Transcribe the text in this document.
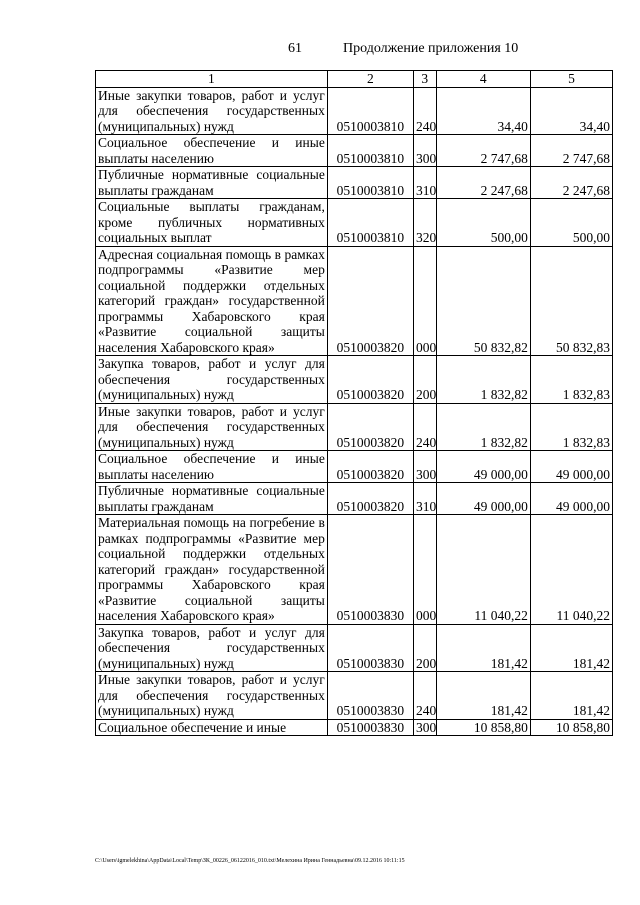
61	Продолжение приложения 10
1	2	3	4	5
Иные закупки товаров, работ и услуг для обеспечения государственных (муниципальных) нужд	0510003810	240	34,40	34,40
Социальное обеспечение и иные выплаты населению	0510003810	300	2 747,68	2 747,68
Публичные нормативные социальные выплаты гражданам	0510003810	310	2 247,68	2 247,68
Социальные выплаты гражданам, кроме публичных нормативных социальных выплат	0510003810	320	500,00	500,00
Адресная социальная помощь в рамках подпрограммы «Развитие мер социальной поддержки отдельных категорий граждан» государственной программы Хабаровского края «Развитие социальной защиты населения Хабаровского края»	0510003820	000	50 832,82	50 832,83
Закупка товаров, работ и услуг для обеспечения государственных (муниципальных) нужд	0510003820	200	1 832,82	1 832,83
Иные закупки товаров, работ и услуг для обеспечения государственных (муниципальных) нужд	0510003820	240	1 832,82	1 832,83
Социальное обеспечение и иные выплаты населению	0510003820	300	49 000,00	49 000,00
Публичные нормативные социальные выплаты гражданам	0510003820	310	49 000,00	49 000,00
Материальная помощь на погребение в рамках подпрограммы «Развитие мер социальной поддержки отдельных категорий граждан» государственной программы Хабаровского края «Развитие социальной защиты населения Хабаровского края»	0510003830	000	11 040,22	11 040,22
Закупка товаров, работ и услуг для обеспечения государственных (муниципальных) нужд	0510003830	200	181,42	181,42
Иные закупки товаров, работ и услуг для обеспечения государственных (муниципальных) нужд	0510003830	240	181,42	181,42
Социальное обеспечение и иные	0510003830	300	10 858,80	10 858,80
C:\Users\igmelekhina\AppData\Local\Temp\ЗК_00226_06122016_010.txt\Мелехина Ирина Геннадьевна\09.12.2016 10:11:15
